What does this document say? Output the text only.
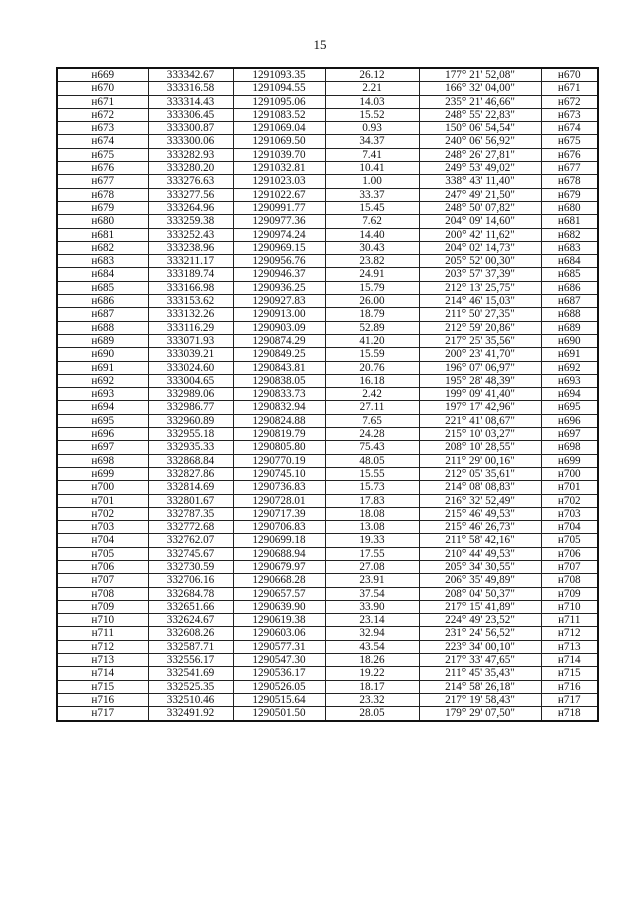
15
н669	333342.67	1291093.35	26.12	177° 21' 52,08"	н670
н670	333316.58	1291094.55	2.21	166° 32' 04,00"	н671
н671	333314.43	1291095.06	14.03	235° 21' 46,66"	н672
н672	333306.45	1291083.52	15.52	248° 55' 22,83"	н673
н673	333300.87	1291069.04	0.93	150° 06' 54,54"	н674
н674	333300.06	1291069.50	34.37	240° 06' 56,92"	н675
н675	333282.93	1291039.70	7.41	248° 26' 27,81"	н676
н676	333280.20	1291032.81	10.41	249° 53' 49,02"	н677
н677	333276.63	1291023.03	1.00	338° 43' 11,40"	н678
н678	333277.56	1291022.67	33.37	247° 49' 21,50"	н679
н679	333264.96	1290991.77	15.45	248° 50' 07,82"	н680
н680	333259.38	1290977.36	7.62	204° 09' 14,60"	н681
н681	333252.43	1290974.24	14.40	200° 42' 11,62"	н682
н682	333238.96	1290969.15	30.43	204° 02' 14,73"	н683
н683	333211.17	1290956.76	23.82	205° 52' 00,30"	н684
н684	333189.74	1290946.37	24.91	203° 57' 37,39"	н685
н685	333166.98	1290936.25	15.79	212° 13' 25,75"	н686
н686	333153.62	1290927.83	26.00	214° 46' 15,03"	н687
н687	333132.26	1290913.00	18.79	211° 50' 27,35"	н688
н688	333116.29	1290903.09	52.89	212° 59' 20,86"	н689
н689	333071.93	1290874.29	41.20	217° 25' 35,56"	н690
н690	333039.21	1290849.25	15.59	200° 23' 41,70"	н691
н691	333024.60	1290843.81	20.76	196° 07' 06,97"	н692
н692	333004.65	1290838.05	16.18	195° 28' 48,39"	н693
н693	332989.06	1290833.73	2.42	199° 09' 41,40"	н694
н694	332986.77	1290832.94	27.11	197° 17' 42,96"	н695
н695	332960.89	1290824.88	7.65	221° 41' 08,67"	н696
н696	332955.18	1290819.79	24.28	215° 10' 03,27"	н697
н697	332935.33	1290805.80	75.43	208° 10' 28,55"	н698
н698	332868.84	1290770.19	48.05	211° 29' 00,16"	н699
н699	332827.86	1290745.10	15.55	212° 05' 35,61"	н700
н700	332814.69	1290736.83	15.73	214° 08' 08,83"	н701
н701	332801.67	1290728.01	17.83	216° 32' 52,49"	н702
н702	332787.35	1290717.39	18.08	215° 46' 49,53"	н703
н703	332772.68	1290706.83	13.08	215° 46' 26,73"	н704
н704	332762.07	1290699.18	19.33	211° 58' 42,16"	н705
н705	332745.67	1290688.94	17.55	210° 44' 49,53"	н706
н706	332730.59	1290679.97	27.08	205° 34' 30,55"	н707
н707	332706.16	1290668.28	23.91	206° 35' 49,89"	н708
н708	332684.78	1290657.57	37.54	208° 04' 50,37"	н709
н709	332651.66	1290639.90	33.90	217° 15' 41,89"	н710
н710	332624.67	1290619.38	23.14	224° 49' 23,52"	н711
н711	332608.26	1290603.06	32.94	231° 24' 56,52"	н712
н712	332587.71	1290577.31	43.54	223° 34' 00,10"	н713
н713	332556.17	1290547.30	18.26	217° 33' 47,65"	н714
н714	332541.69	1290536.17	19.22	211° 45' 35,43"	н715
н715	332525.35	1290526.05	18.17	214° 58' 26,18"	н716
н716	332510.46	1290515.64	23.32	217° 19' 58,43"	н717
н717	332491.92	1290501.50	28.05	179° 29' 07,50"	н718
